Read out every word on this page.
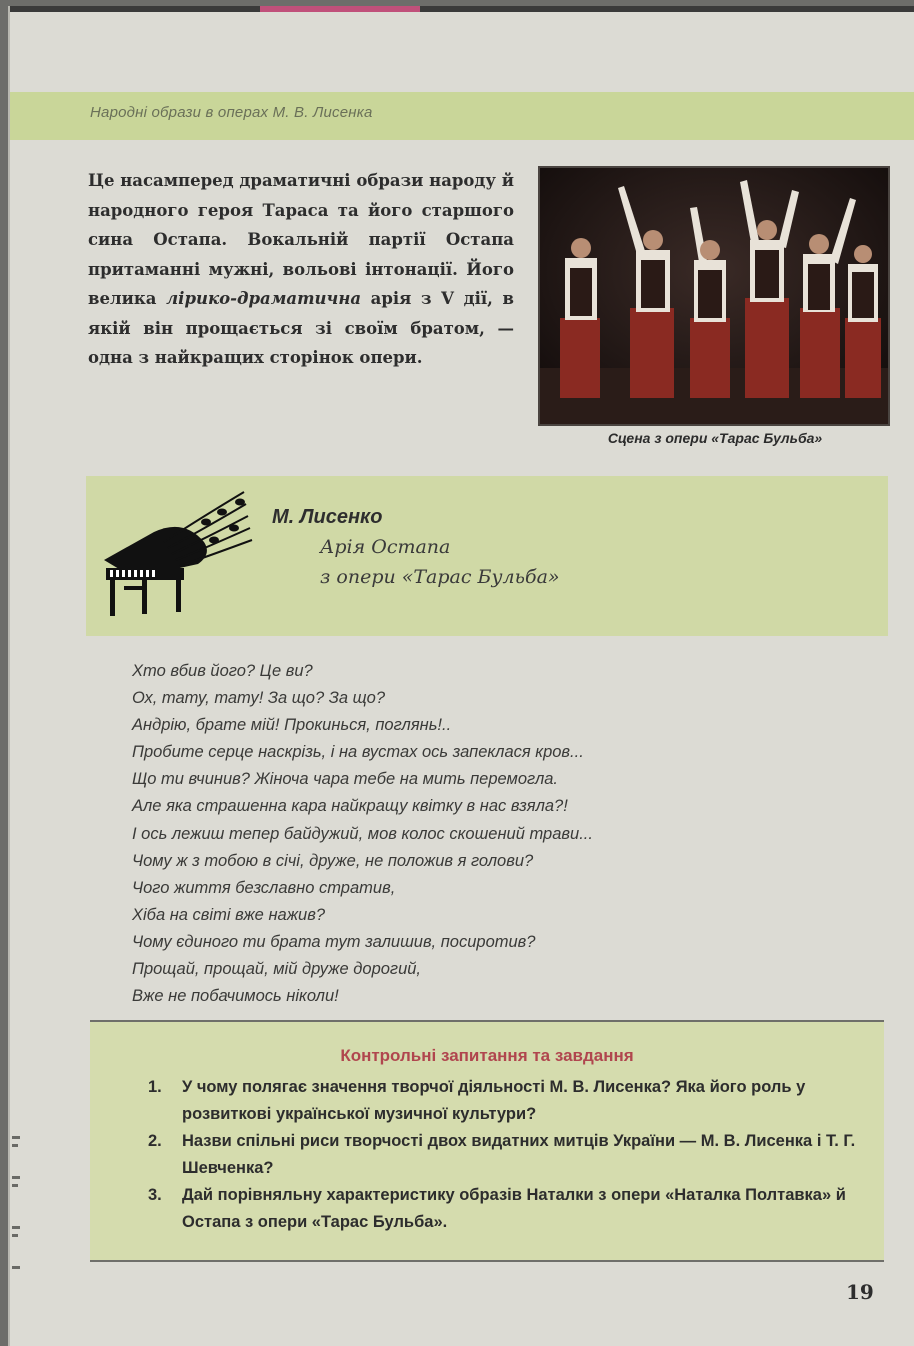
Народні образи в операх М. В. Лисенка
Це насамперед драматичні образи народу й народного героя Тараса та його старшого сина Остапа. Вокальній партії Остапа притаманні мужні, вольові інтонації. Його велика лірико-драматична арія з V дії, в якій він прощається зі своїм братом, — одна з найкращих сторінок опери.
Сцена з опери «Тарас Бульба»
М. Лисенко
Арія Остапа
з опери «Тарас Бульба»
Хто вбив його? Це ви?
Ох, тату, тату! За що? За що?
Андрію, брате мій! Прокинься, поглянь!..
Пробите серце наскрізь, і на вустах ось запеклася кров...
Що ти вчинив? Жіноча чара тебе на мить перемогла.
Але яка страшенна кара найкращу квітку в нас взяла?!
І ось лежиш тепер байдужий, мов колос скошений трави...
Чому ж з тобою в січі, друже, не положив я голови?
Чого життя безславно стратив,
Хіба на світі вже нажив?
Чому єдиного ти брата тут залишив, посиротив?
Прощай, прощай, мій друже дорогий,
Вже не побачимось ніколи!
Контрольні запитання та завдання
1. У чому полягає значення творчої діяльності М. В. Лисенка? Яка його роль у розвиткові української музичної культури?
2. Назви спільні риси творчості двох видатних митців України — М. В. Лисенка і Т. Г. Шевченка?
3. Дай порівняльну характеристику образів Наталки з опери «Наталка Полтавка» й Остапа з опери «Тарас Бульба».
19
